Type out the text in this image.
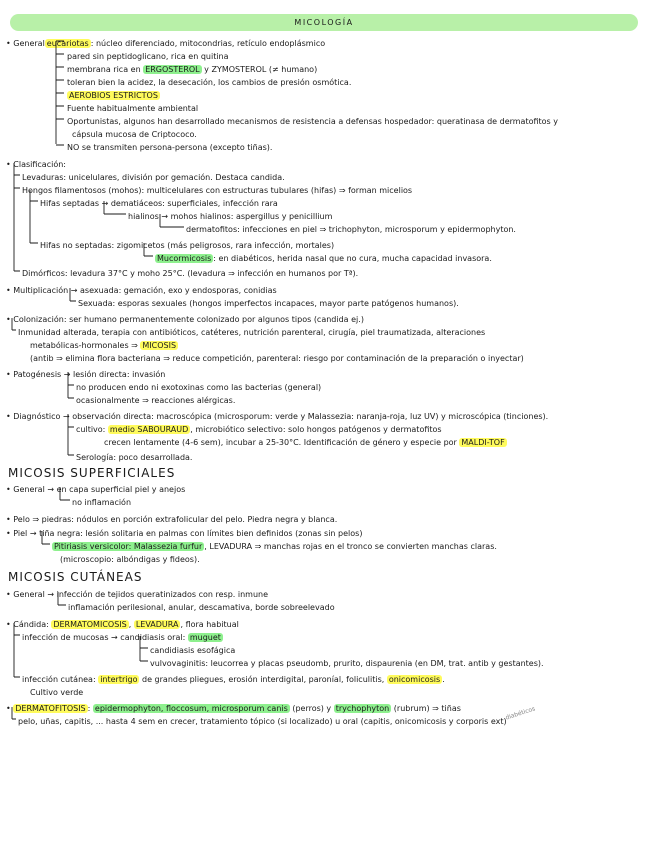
MICOLOGÍA
• General eucariotas : núcleo diferenciado, mitocondrias, retículo endoplásmico
pared sin peptidoglicano, rica en quitina
membrana rica en ERGOSTEROL y ZYMOSTEROL (≠ humano)
toleran bien la acidez, la desecación, los cambios de presión osmótica.
AEROBIOS ESTRICTOS
Fuente habitualmente ambiental
Oportunistas, algunos han desarrollado mecanismos de resistencia a defensas hospedador: queratinasa de dermatofitos y
cápsula mucosa de Criptococo.
NO se transmiten persona-persona (excepto tiñas).
• Clasificación:
Levaduras: unicelulares, división por gemación. Destaca candida.
Hongos filamentosos (mohos): multicelulares con estructuras tubulares (hifas) ⇒ forman micelios
Hifas septadas → dematiáceos: superficiales, infección rara
hialinos → mohos hialinos: aspergillus y penicillium
dermatofitos: infecciones en piel ⇒ trichophyton, microsporum y epidermophyton.
Hifas no septadas: zigomicetos (más peligrosos, rara infección, mortales)
Mucormicosis : en diabéticos, herida nasal que no cura, mucha capacidad invasora.
Dimórficos: levadura 37°C y moho 25°C. (levadura ⇒ infección en humanos por Tª).
• Multiplicación → asexuada: gemación, exo y endosporas, conidias
Sexuada: esporas sexuales (hongos imperfectos incapaces, mayor parte patógenos humanos).
• Colonización: ser humano permanentemente colonizado por algunos tipos (candida ej.)
Inmunidad alterada, terapia con antibióticos, catéteres, nutrición parenteral, cirugía, piel traumatizada, alteraciones
metabólicas-hormonales ⇒ MICOSIS
(antib ⇒ elimina flora bacteriana ⇒ reduce competición, parenteral: riesgo por contaminación de la preparación o inyectar)
• Patogénesis → lesión directa: invasión
no producen endo ni exotoxinas como las bacterias (general)
ocasionalmente ⇒ reacciones alérgicas.
• Diagnóstico → observación directa: macroscópica (microsporum: verde y Malassezia: naranja-roja, luz UV) y microscópica (tinciones).
cultivo: medio SABOURAUD , microbiótico selectivo: solo hongos patógenos y dermatofitos
crecen lentamente (4-6 sem), incubar a 25-30°C. Identificación de género y especie por MALDI-TOF
Serología: poco desarrollada.
MICOSIS SUPERFICIALES
• General → en capa superficial piel y anejos
no inflamación
• Pelo ⇒ piedras: nódulos en porción extrafolicular del pelo. Piedra negra y blanca.
• Piel → tiña negra: lesión solitaria en palmas con límites bien definidos (zonas sin pelos)
Pitiriasis versicolor: Malassezia furfur , LEVADURA ⇒ manchas rojas en el tronco se convierten manchas claras.
(microscopio: albóndigas y fideos).
MICOSIS CUTÁNEAS
• General → infección de tejidos queratinizados con resp. inmune
inflamación perilesional, anular, descamativa, borde sobreelevado
• Cándida: DERMATOMICOSIS , LEVADURA , flora habitual
infección de mucosas → candidiasis oral: muguet
candidiasis esofágica
vulvovaginitis: leucorrea y placas pseudomb, prurito, dispaurenia (en DM, trat. antib y gestantes).
infección cutánea: intertrigo de grandes pliegues, erosión interdigital, paroníal, foliculitis, onicomicosis .
Cultivo verde
• DERMATOFITOSIS : epidermophyton, floccosum, microsporum canis (perros) y trychophyton (rubrum) ⇒ tiñas
pelo, uñas, capitis, ... hasta 4 sem en crecer, tratamiento tópico (si localizado) u oral (capitis, onicomicosis y corporis ext)
diabéticos
